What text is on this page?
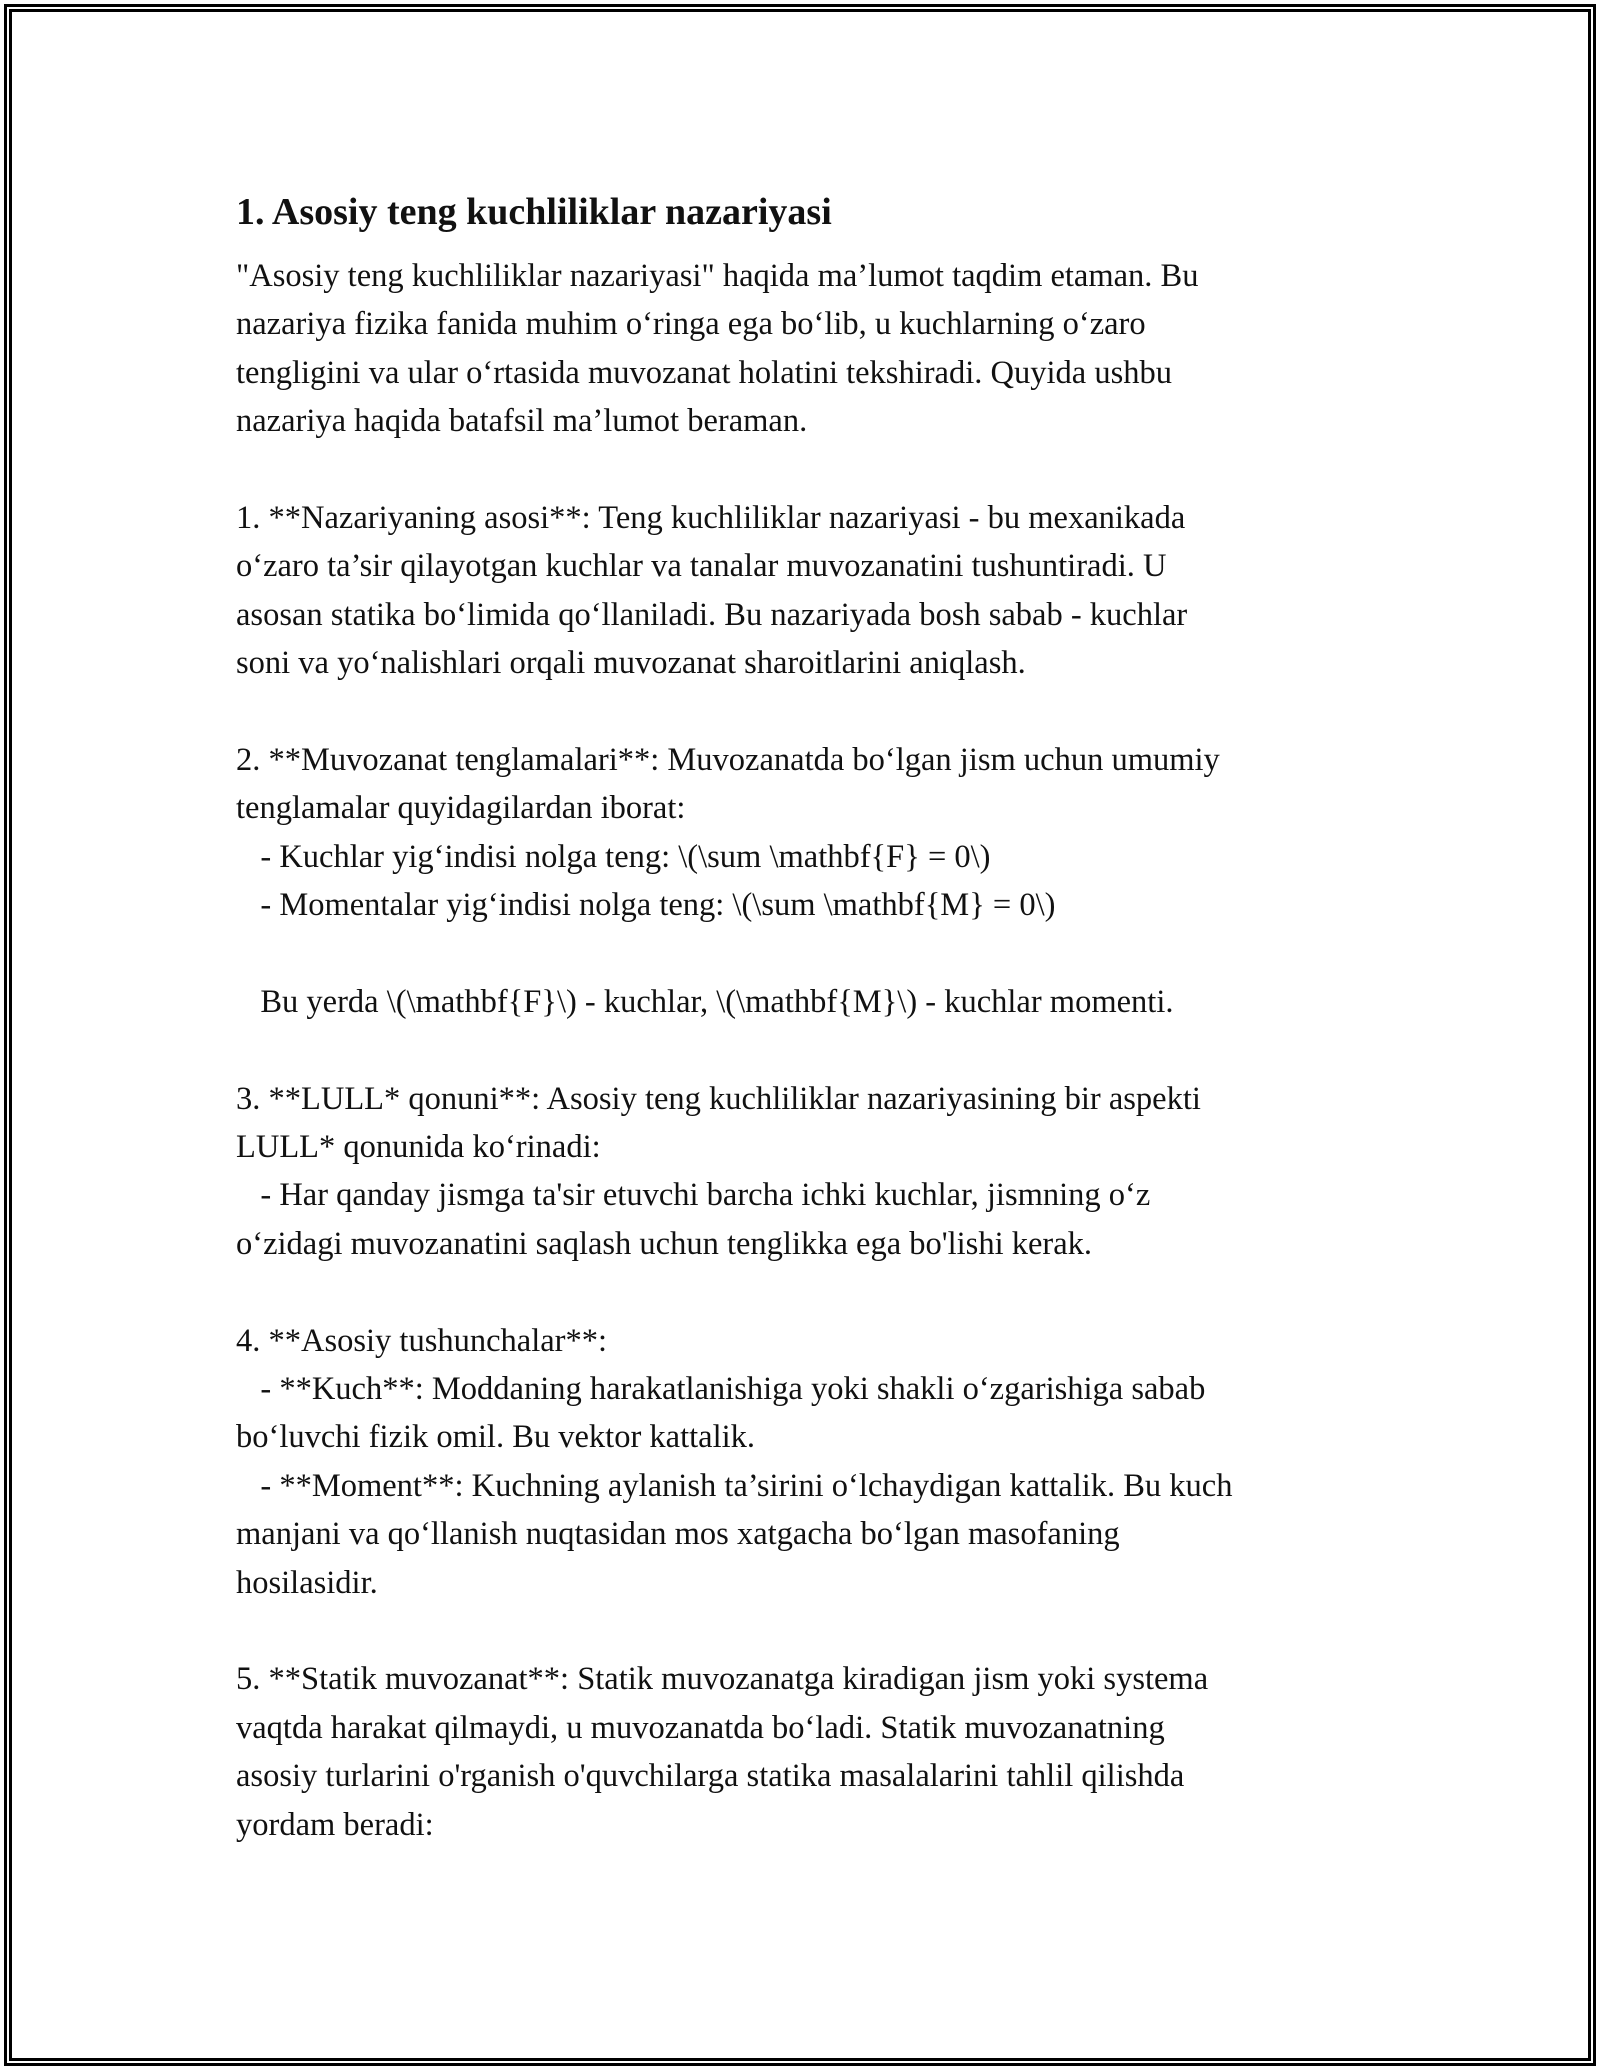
1. Asosiy teng kuchliliklar nazariyasi
"Asosiy teng kuchliliklar nazariyasi" haqida ma’lumot taqdim etaman. Bu
nazariya fizika fanida muhim oʻringa ega boʻlib, u kuchlarning oʻzaro
tengligini va ular oʻrtasida muvozanat holatini tekshiradi. Quyida ushbu
nazariya haqida batafsil ma’lumot beraman.
1. **Nazariyaning asosi**: Teng kuchliliklar nazariyasi - bu mexanikada
oʻzaro ta’sir qilayotgan kuchlar va tanalar muvozanatini tushuntiradi. U
asosan statika boʻlimida qoʻllaniladi. Bu nazariyada bosh sabab - kuchlar
soni va yoʻnalishlari orqali muvozanat sharoitlarini aniqlash.
2. **Muvozanat tenglamalari**: Muvozanatda boʻlgan jism uchun umumiy
tenglamalar quyidagilardan iborat:
- Kuchlar yigʻindisi nolga teng: \(\sum \mathbf{F} = 0\)
- Momentalar yigʻindisi nolga teng: \(\sum \mathbf{M} = 0\)
Bu yerda \(\mathbf{F}\) - kuchlar, \(\mathbf{M}\) - kuchlar momenti.
3. **LULL* qonuni**: Asosiy teng kuchliliklar nazariyasining bir aspekti
LULL* qonunida koʻrinadi:
- Har qanday jismga ta'sir etuvchi barcha ichki kuchlar, jismning oʻz
oʻzidagi muvozanatini saqlash uchun tenglikka ega bo'lishi kerak.
4. **Asosiy tushunchalar**:
- **Kuch**: Moddaning harakatlanishiga yoki shakli oʻzgarishiga sabab
boʻluvchi fizik omil. Bu vektor kattalik.
- **Moment**: Kuchning aylanish ta’sirini oʻlchaydigan kattalik. Bu kuch
manjani va qoʻllanish nuqtasidan mos xatgacha boʻlgan masofaning
hosilasidir.
5. **Statik muvozanat**: Statik muvozanatga kiradigan jism yoki systema
vaqtda harakat qilmaydi, u muvozanatda boʻladi. Statik muvozanatning
asosiy turlarini o'rganish o'quvchilarga statika masalalarini tahlil qilishda
yordam beradi:
